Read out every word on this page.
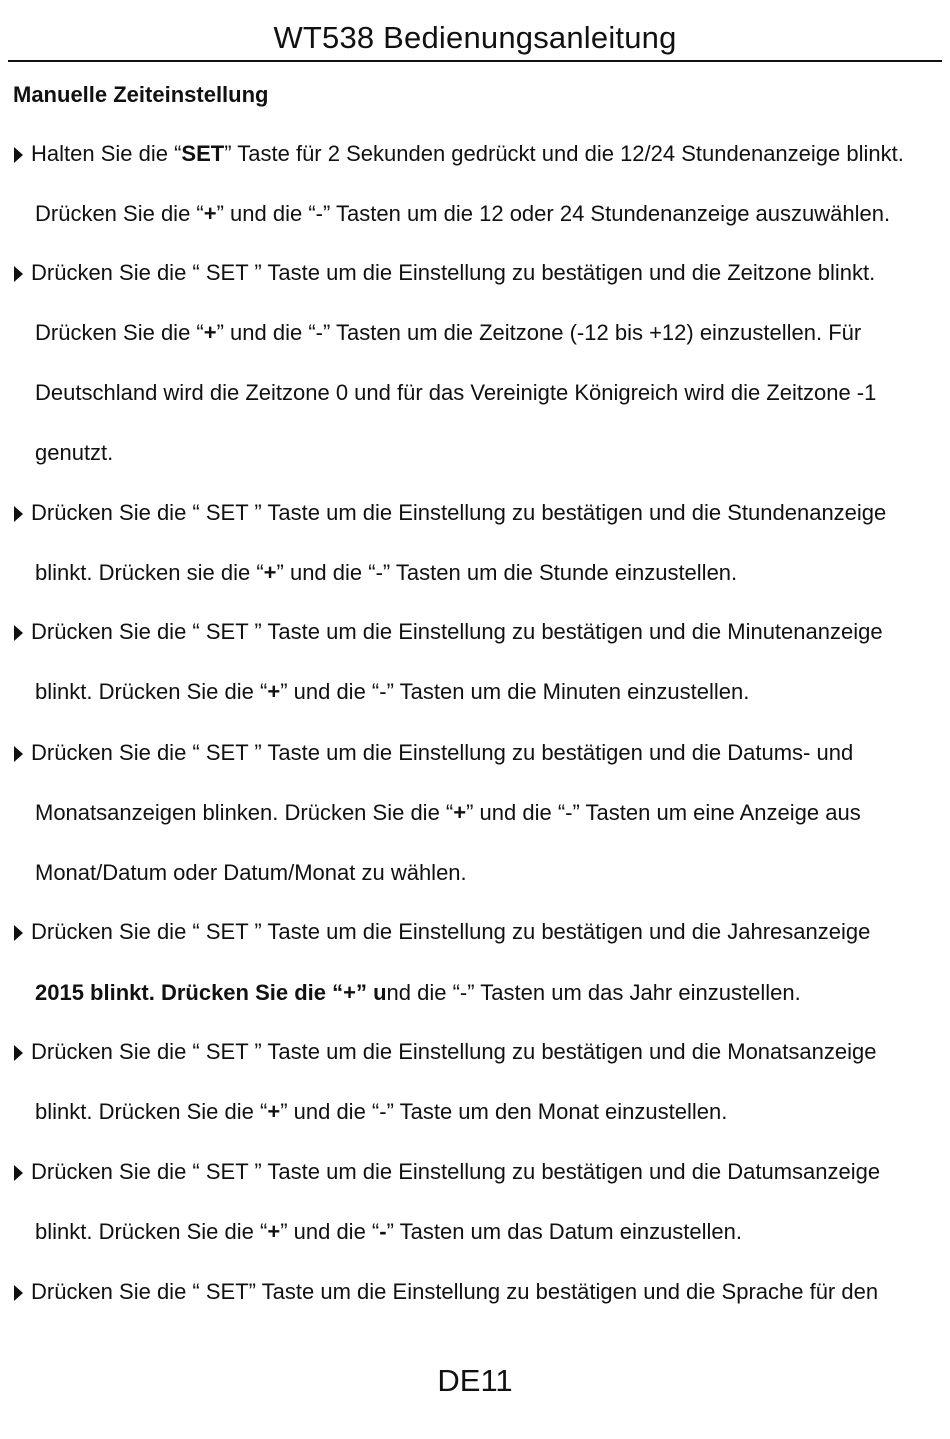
WT538 Bedienungsanleitung
Manuelle Zeiteinstellung
Halten Sie die “SET” Taste für 2 Sekunden gedrückt und die 12/24 Stundenanzeige blinkt.
Drücken Sie die “+” und die “-” Tasten um die 12 oder 24 Stundenanzeige auszuwählen.
Drücken Sie die “ SET ” Taste um die Einstellung zu bestätigen und die Zeitzone blinkt.
Drücken Sie die “+” und die “-” Tasten um die Zeitzone (-12 bis +12) einzustellen. Für
Deutschland wird die Zeitzone 0 und für das Vereinigte Königreich wird die Zeitzone -1
genutzt.
Drücken Sie die “ SET ” Taste um die Einstellung zu bestätigen und die Stundenanzeige
blinkt. Drücken sie die “+” und die “-” Tasten um die Stunde einzustellen.
Drücken Sie die “ SET ” Taste um die Einstellung zu bestätigen und die Minutenanzeige
blinkt. Drücken Sie die “+” und die “-” Tasten um die Minuten einzustellen.
Drücken Sie die “ SET ” Taste um die Einstellung zu bestätigen und die Datums- und
Monatsanzeigen blinken. Drücken Sie die “+” und die “-” Tasten um eine Anzeige aus
Monat/Datum oder Datum/Monat zu wählen.
Drücken Sie die “ SET ” Taste um die Einstellung zu bestätigen und die Jahresanzeige
2015 blinkt. Drücken Sie die “+” und die “-” Tasten um das Jahr einzustellen.
Drücken Sie die “ SET ” Taste um die Einstellung zu bestätigen und die Monatsanzeige
blinkt. Drücken Sie die “+” und die “-” Taste um den Monat einzustellen.
Drücken Sie die “ SET ” Taste um die Einstellung zu bestätigen und die Datumsanzeige
blinkt. Drücken Sie die “+” und die “-” Tasten um das Datum einzustellen.
Drücken Sie die “ SET” Taste um die Einstellung zu bestätigen und die Sprache für den
DE11
